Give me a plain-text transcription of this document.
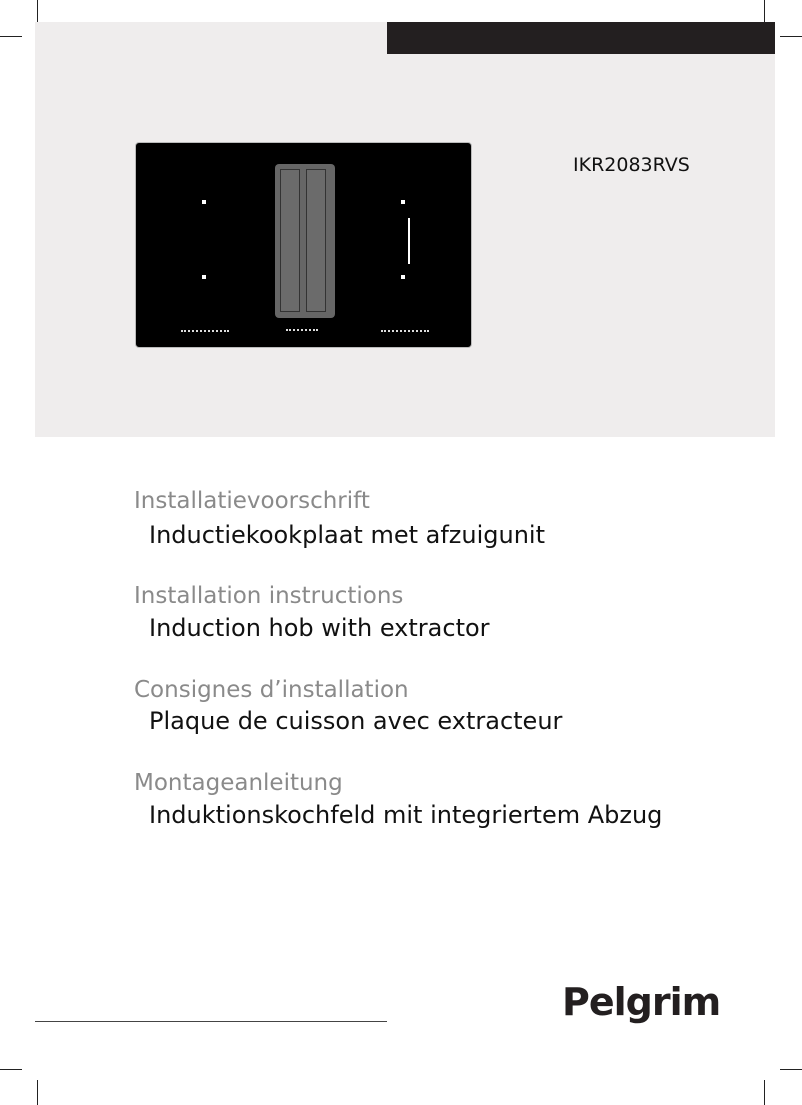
IKR2083RVS
Installatievoorschrift
Inductiekookplaat met afzuigunit
Installation instructions
Induction hob with extractor
Consignes d’installation
Plaque de cuisson avec extracteur
Montageanleitung
Induktionskochfeld mit integriertem Abzug
Pelgrim
